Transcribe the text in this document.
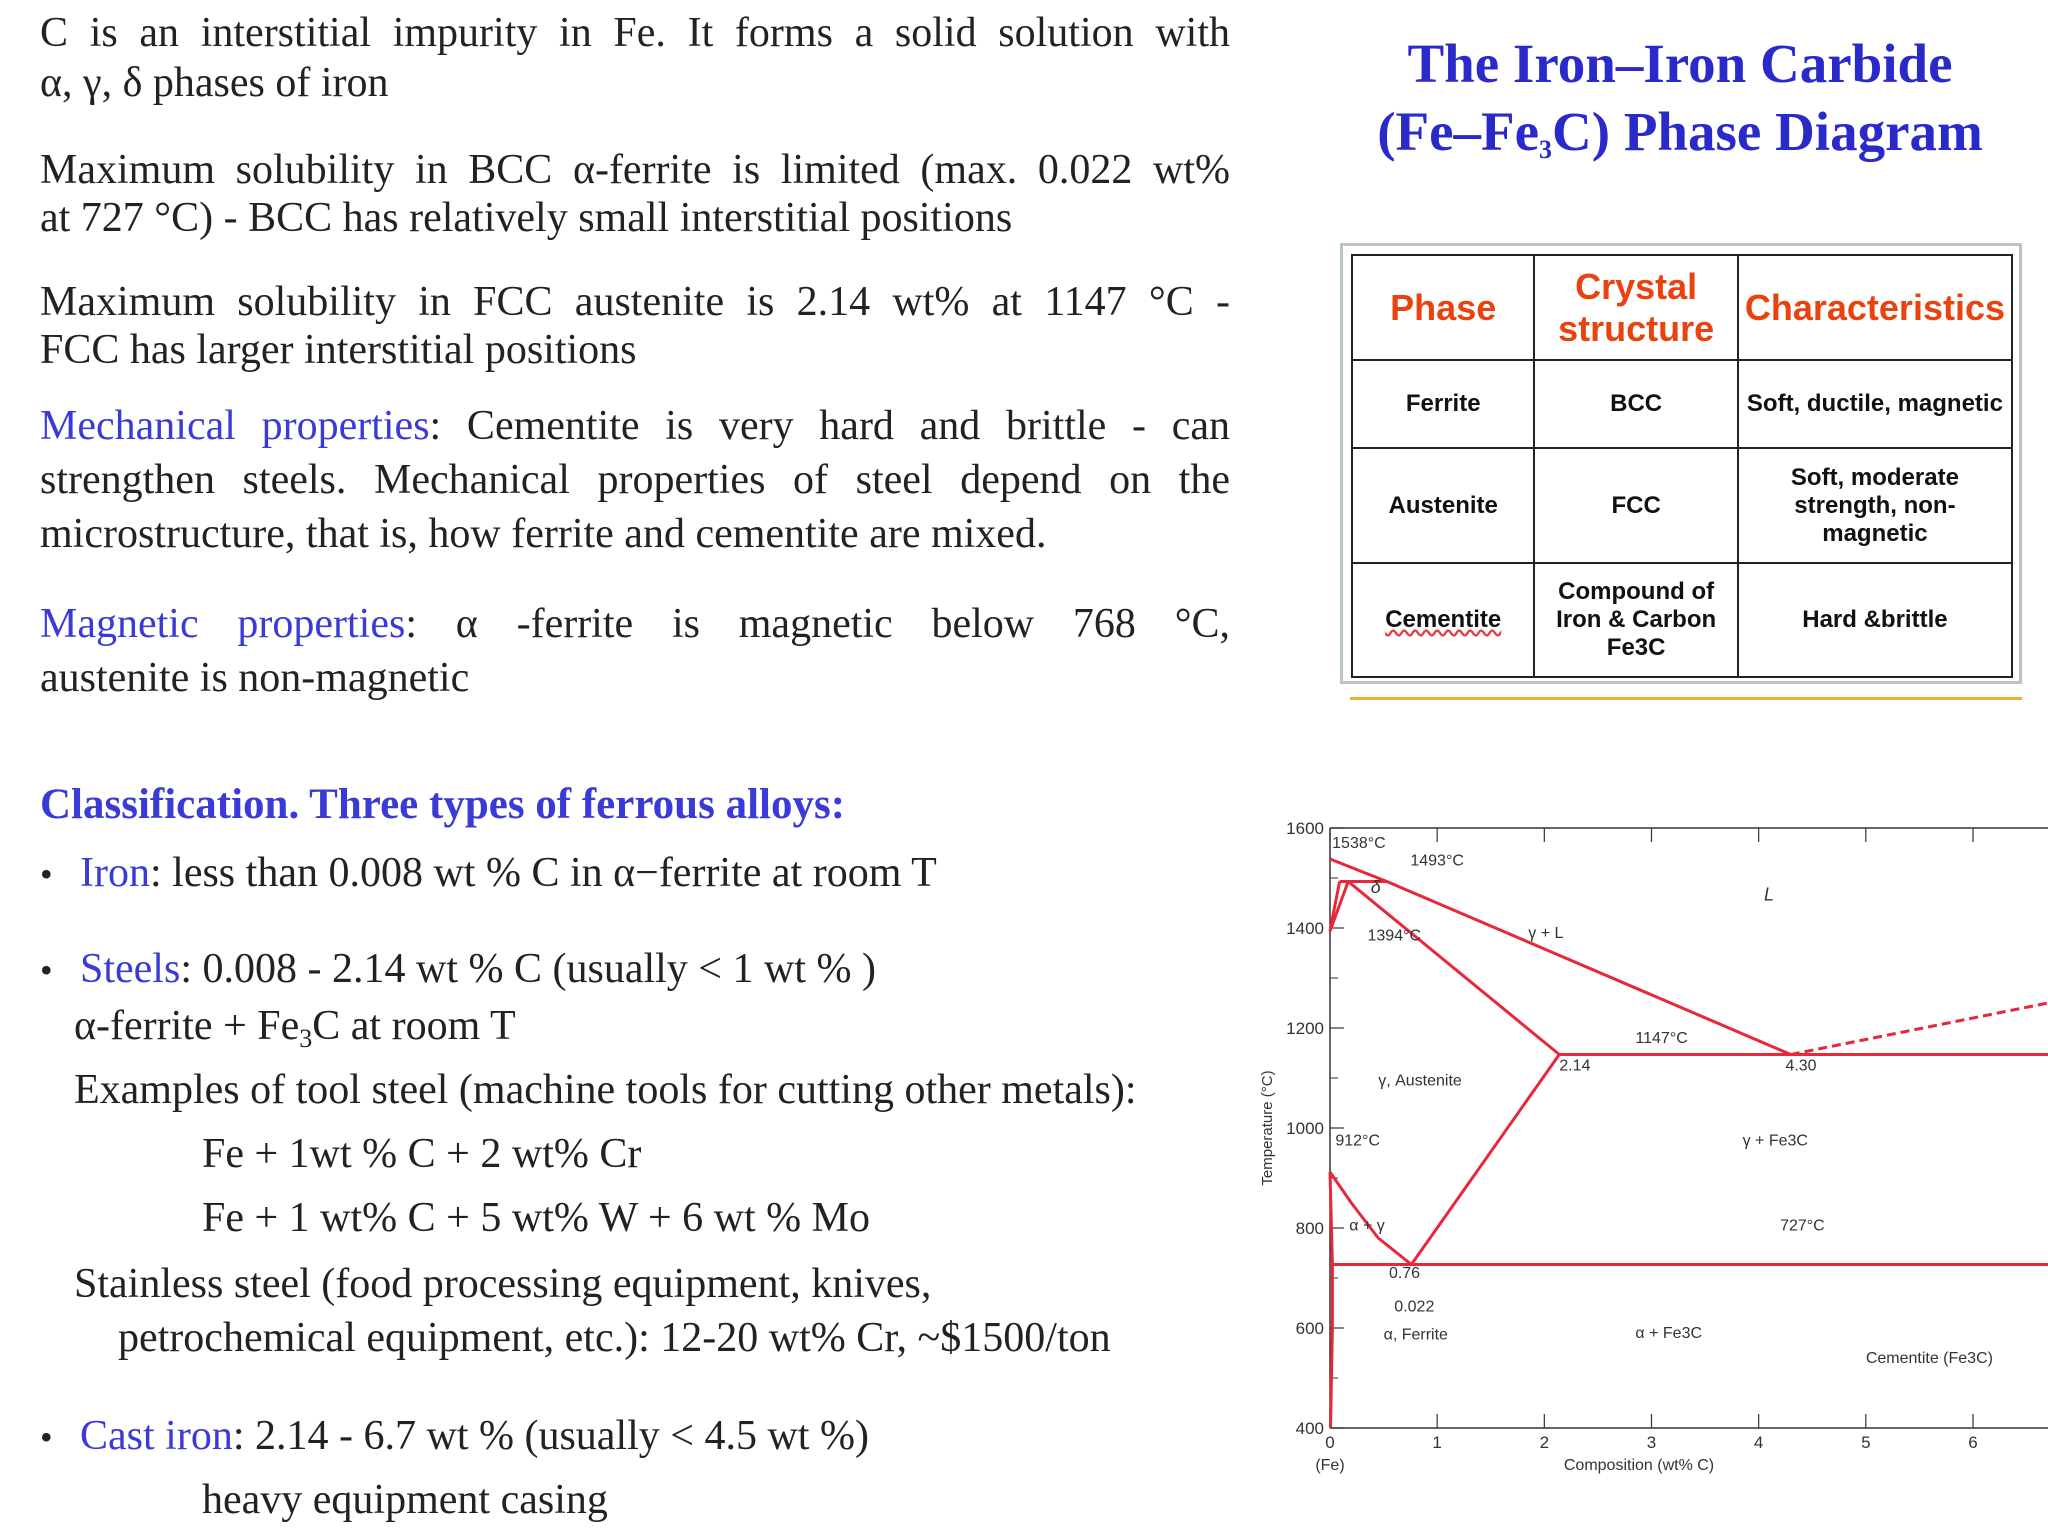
C is an interstitial impurity in Fe. It forms a solid solution with

α, γ, δ phases of iron

Maximum solubility in BCC α-ferrite is limited (max. 0.022 wt%

at 727 °C) - BCC has relatively small interstitial positions

Maximum solubility in FCC austenite is 2.14 wt% at 1147 °C -

FCC has larger interstitial positions

Mechanical properties: Cementite is very hard and brittle - can

strengthen steels. Mechanical properties of steel depend on the

microstructure, that is, how ferrite and cementite are mixed.

Magnetic properties: α -ferrite is magnetic below 768 °C,

austenite is non-magnetic

The Iron–Iron Carbide
$(Fe-Fe_3C)$ Phase Diagram
Phase	Crystal structure	Characteristics
Ferrite	BCC	Soft, ductile, magnetic
Austenite	FCC	Soft, moderate strength, non-magnetic
Cementite	Compound of Iron & Carbon Fe3C	Hard &brittle
Classification. Three types of ferrous alloys:
• Iron: less than 0.008 wt % C in α−ferrite at room T
• Steels: 0.008 - 2.14 wt % C (usually < 1 wt % )
α-ferrite + $Fe_3C$ at room T
Examples of tool steel (machine tools for cutting other metals):
Fe + 1wt % C + 2 wt% Cr
Fe + 1 wt% C + 5 wt% W + 6 wt % Mo
Stainless steel (food processing equipment, knives,
petrochemical equipment, etc.): 12-20 wt% Cr, ~$1500/ton
• Cast iron: 2.14 - 6.7 wt % (usually < 4.5 wt %)
heavy equipment casing
400
600
800
1000
1200
1400
1600
0	1	2	3	4	5	6
(Fe)	Composition (wt% C)
Temperature (°C)
1538°C
1493°C
1394°C
δ
γ + L
L
1147°C
2.14	4.30
γ, Austenite
912°C	γ + Fe3C
727°C
0.76
0.022
α, Ferrite	α + Fe3C
Cementite (Fe3C)
α + γ
